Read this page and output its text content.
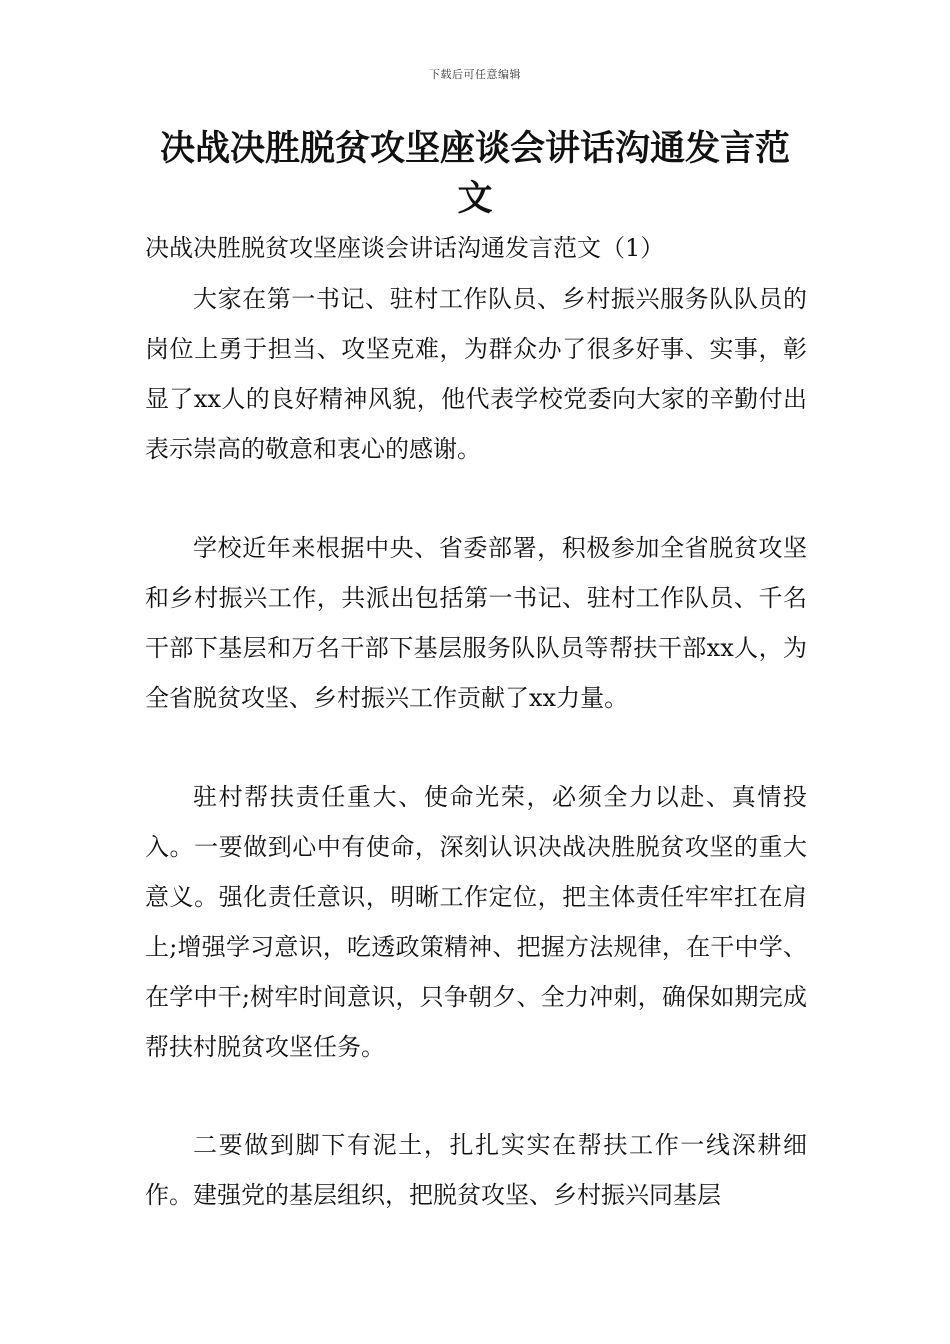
下载后可任意编辑
决战决胜脱贫攻坚座谈会讲话沟通发言范文
决战决胜脱贫攻坚座谈会讲话沟通发言范文（1）

大家在第一书记、驻村工作队员、乡村振兴服务队队员的岗位上勇于担当、攻坚克难，为群众办了很多好事、实事，彰显了xx人的良好精神风貌，他代表学校党委向大家的辛勤付出表示崇高的敬意和衷心的感谢。

学校近年来根据中央、省委部署，积极参加全省脱贫攻坚和乡村振兴工作，共派出包括第一书记、驻村工作队员、千名干部下基层和万名干部下基层服务队队员等帮扶干部xx人，为全省脱贫攻坚、乡村振兴工作贡献了xx力量。

驻村帮扶责任重大、使命光荣，必须全力以赴、真情投入。一要做到心中有使命，深刻认识决战决胜脱贫攻坚的重大意义。强化责任意识，明晰工作定位，把主体责任牢牢扛在肩上;增强学习意识，吃透政策精神、把握方法规律，在干中学、在学中干;树牢时间意识，只争朝夕、全力冲刺，确保如期完成帮扶村脱贫攻坚任务。

二要做到脚下有泥土，扎扎实实在帮扶工作一线深耕细作。建强党的基层组织，把脱贫攻坚、乡村振兴同基层
